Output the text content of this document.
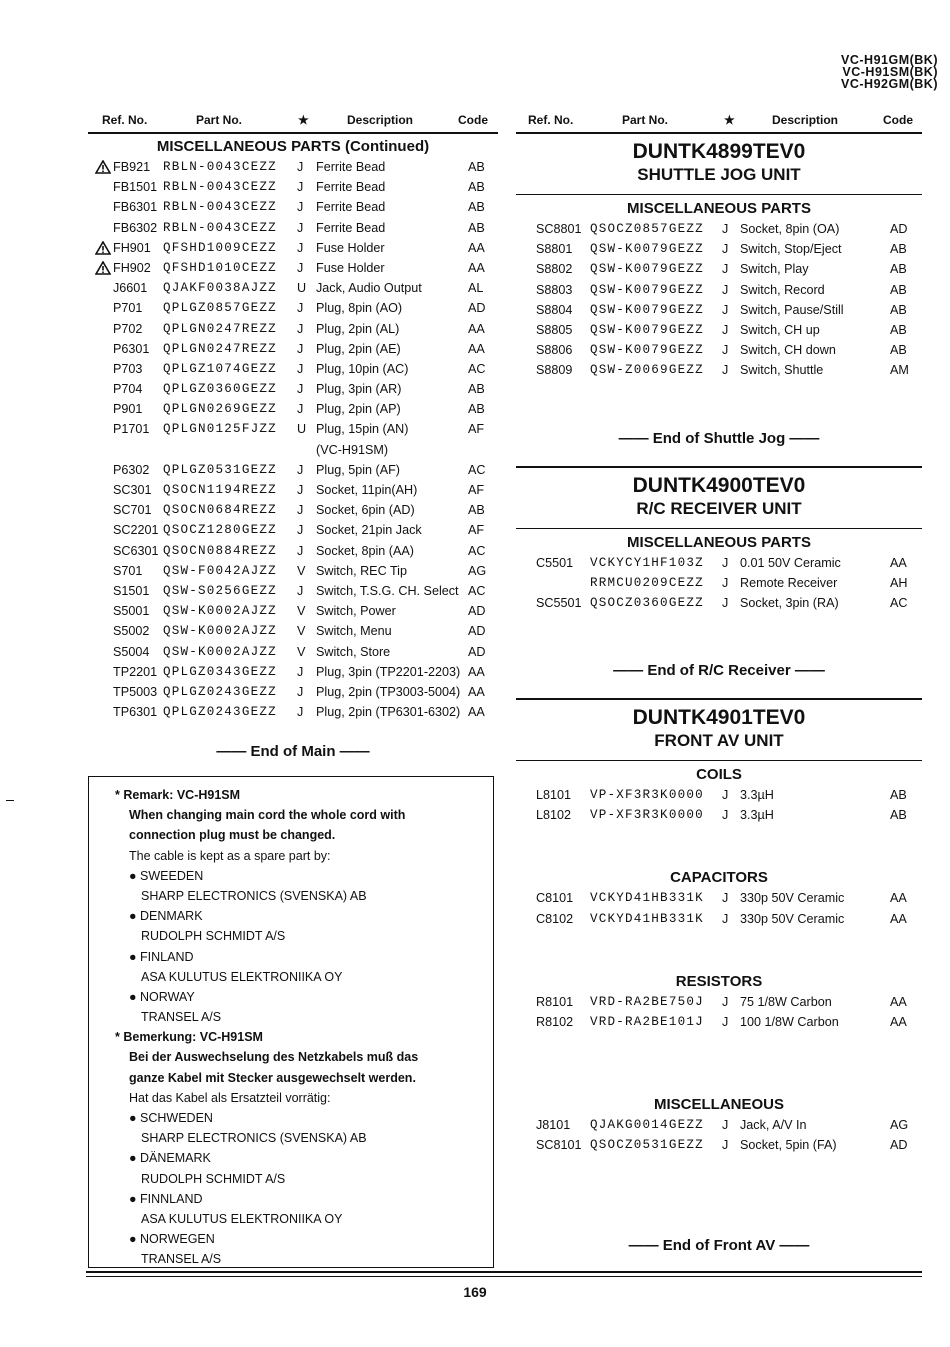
VC-H91GM(BK)
VC-H91SM(BK)
VC-H92GM(BK)
Ref. No.	Part No.	★	Description	Code
MISCELLANEOUS PARTS (Continued)
FB921 RBLN-0043CEZZ J Ferrite Bead	AB
FB1501 RBLN-0043CEZZ J Ferrite Bead	AB
FB6301 RBLN-0043CEZZ J Ferrite Bead	AB
FB6302 RBLN-0043CEZZ J Ferrite Bead	AB
FH901 QFSHD1009CEZZ J Fuse Holder	AA
FH902 QFSHD1010CEZZ J Fuse Holder	AA
J6601 QJAKF0038AJZZ U Jack, Audio Output	AL
P701 QPLGZ0857GEZZ J Plug, 8pin (AO)	AD
P702 QPLGN0247REZZ J Plug, 2pin (AL)	AA
P6301 QPLGN0247REZZ J Plug, 2pin (AE)	AA
P703 QPLGZ1074GEZZ J Plug, 10pin (AC)	AC
P704 QPLGZ0360GEZZ J Plug, 3pin (AR)	AB
P901 QPLGN0269GEZZ J Plug, 2pin (AP)	AB
P1701 QPLGN0125FJZZ U Plug, 15pin (AN)	AF
(VC-H91SM)
P6302 QPLGZ0531GEZZ J Plug, 5pin (AF)	AC
SC301 QSOCN1194REZZ J Socket, 11pin(AH)	AF
SC701 QSOCN0684REZZ J Socket, 6pin (AD)	AB
SC2201 QSOCZ1280GEZZ J Socket, 21pin Jack	AF
SC6301 QSOCN0884REZZ J Socket, 8pin (AA)	AC
S701 QSW-F0042AJZZ V Switch, REC Tip	AG
S1501 QSW-S0256GEZZ J Switch, T.S.G. CH. Select AC
S5001 QSW-K0002AJZZ V Switch, Power	AD
S5002 QSW-K0002AJZZ V Switch, Menu	AD
S5004 QSW-K0002AJZZ V Switch, Store	AD
TP2201 QPLGZ0343GEZZ J Plug, 3pin (TP2201-2203) AA
TP5003 QPLGZ0243GEZZ J Plug, 2pin (TP3003-5004) AA
TP6301 QPLGZ0243GEZZ J Plug, 2pin (TP6301-6302) AA
—— End of Main ——
* Remark: VC-H91SM
When changing main cord the whole cord with
connection plug must be changed.
The cable is kept as a spare part by:
● SWEEDEN
SHARP ELECTRONICS (SVENSKA) AB
● DENMARK
RUDOLPH SCHMIDT A/S
● FINLAND
ASA KULUTUS ELEKTRONIIKA OY
● NORWAY
TRANSEL A/S
* Bemerkung: VC-H91SM
Bei der Auswechselung des Netzkabels muß das
ganze Kabel mit Stecker ausgewechselt werden.
Hat das Kabel als Ersatzteil vorrätig:
● SCHWEDEN
SHARP ELECTRONICS (SVENSKA) AB
● DÄNEMARK
RUDOLPH SCHMIDT A/S
● FINNLAND
ASA KULUTUS ELEKTRONIIKA OY
● NORWEGEN
TRANSEL A/S
Ref. No.	Part No.	★	Description	Code
DUNTK4899TEV0
SHUTTLE JOG UNIT
MISCELLANEOUS PARTS
SC8801 QSOCZ0857GEZZ J Socket, 8pin (OA)	AD
S8801 QSW-K0079GEZZ J Switch, Stop/Eject	AB
S8802 QSW-K0079GEZZ J Switch, Play	AB
S8803 QSW-K0079GEZZ J Switch, Record	AB
S8804 QSW-K0079GEZZ J Switch, Pause/Still	AB
S8805 QSW-K0079GEZZ J Switch, CH up	AB
S8806 QSW-K0079GEZZ J Switch, CH down	AB
S8809 QSW-Z0069GEZZ J Switch, Shuttle	AM
—— End of Shuttle Jog ——
DUNTK4900TEV0
R/C RECEIVER UNIT
MISCELLANEOUS PARTS
C5501 VCKYCY1HF103Z J 0.01 50V Ceramic	AA
RRMCU0209CEZZ J Remote Receiver	AH
SC5501 QSOCZ0360GEZZ J Socket, 3pin (RA)	AC
—— End of R/C Receiver ——
DUNTK4901TEV0
FRONT AV UNIT
COILS
L8101 VP-XF3R3K0000 J 3.3µH	AB
L8102 VP-XF3R3K0000 J 3.3µH	AB
CAPACITORS
C8101 VCKYD41HB331K J 330p 50V Ceramic	AA
C8102 VCKYD41HB331K J 330p 50V Ceramic	AA
RESISTORS
R8101 VRD-RA2BE750J J 75 1/8W Carbon	AA
R8102 VRD-RA2BE101J J 100 1/8W Carbon	AA
MISCELLANEOUS
J8101 QJAKG0014GEZZ J Jack, A/V In	AG
SC8101 QSOCZ0531GEZZ J Socket, 5pin (FA)	AD
—— End of Front AV ——
169
